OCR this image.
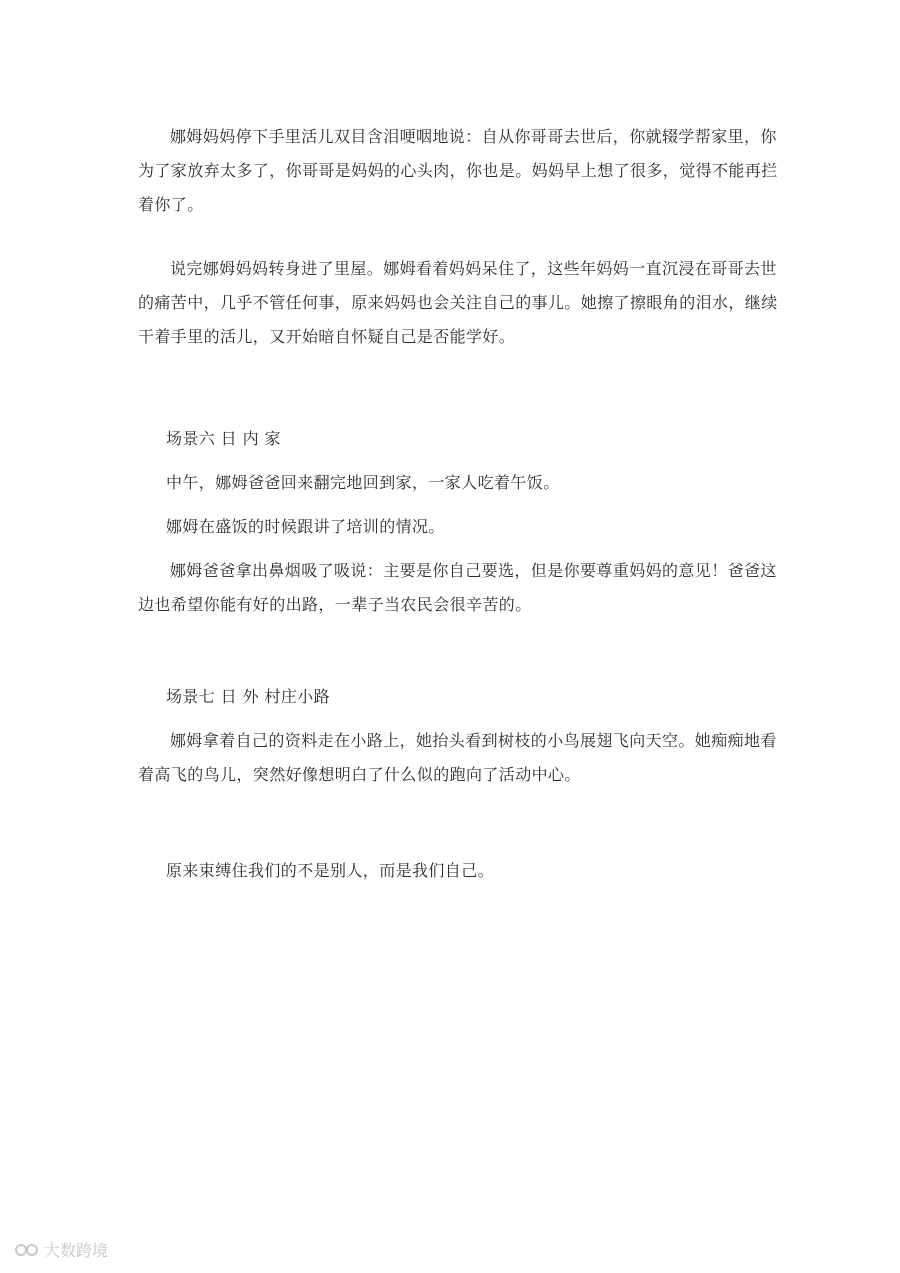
娜姆妈妈停下手里活儿双目含泪哽咽地说：自从你哥哥去世后，你就辍学帮家里，你为了家放弃太多了，你哥哥是妈妈的心头肉，你也是。妈妈早上想了很多，觉得不能再拦着你了。

说完娜姆妈妈转身进了里屋。娜姆看着妈妈呆住了，这些年妈妈一直沉浸在哥哥去世的痛苦中，几乎不管任何事，原来妈妈也会关注自己的事儿。她擦了擦眼角的泪水，继续干着手里的活儿，又开始暗自怀疑自己是否能学好。

场景六 日 内 家

中午，娜姆爸爸回来翻完地回到家，一家人吃着午饭。

娜姆在盛饭的时候跟讲了培训的情况。

娜姆爸爸拿出鼻烟吸了吸说：主要是你自己要选，但是你要尊重妈妈的意见！爸爸这边也希望你能有好的出路，一辈子当农民会很辛苦的。

场景七 日 外 村庄小路

娜姆拿着自己的资料走在小路上，她抬头看到树枝的小鸟展翅飞向天空。她痴痴地看着高飞的鸟儿，突然好像想明白了什么似的跑向了活动中心。

原来束缚住我们的不是别人，而是我们自己。

大数跨境
